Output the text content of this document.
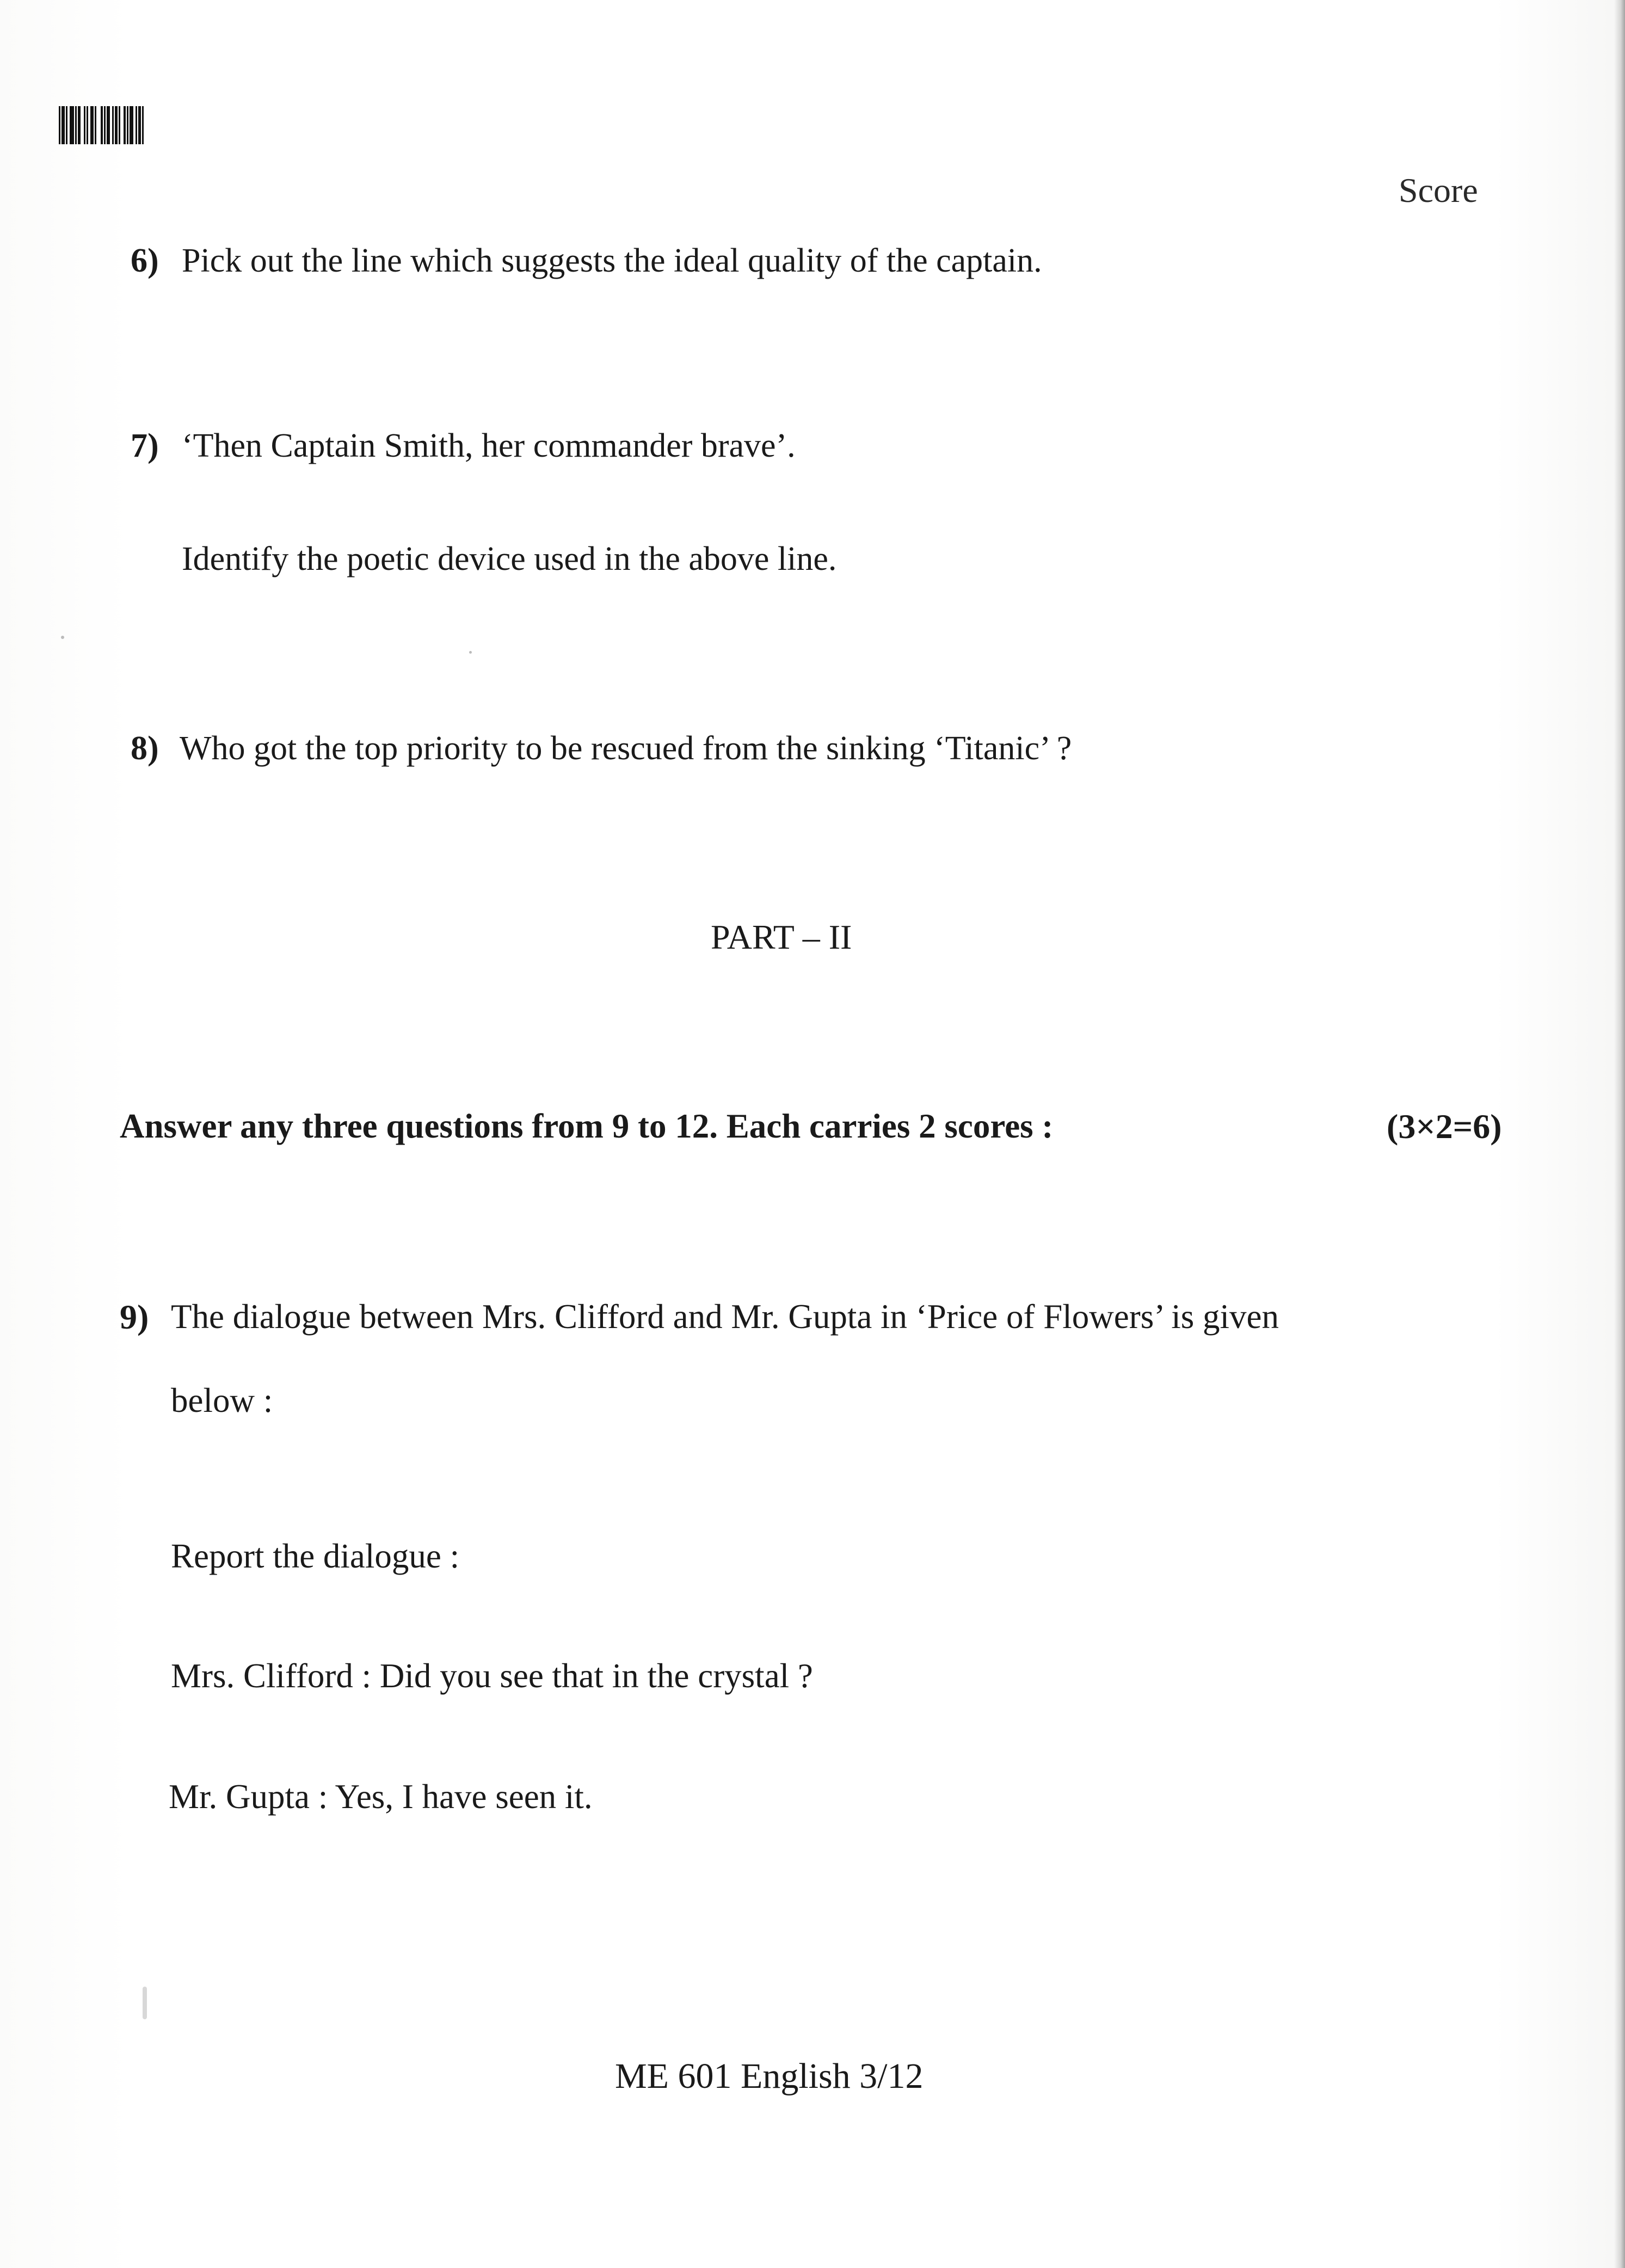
Score
6) Pick out the line which suggests the ideal quality of the captain.
7) ‘Then Captain Smith, her commander brave’.
Identify the poetic device used in the above line.
8) Who got the top priority to be rescued from the sinking ‘Titanic’ ?
PART – II
Answer any three questions from 9 to 12. Each carries 2 scores :	(3×2=6)
9) The dialogue between Mrs. Clifford and Mr. Gupta in ‘Price of Flowers’ is given
below :
Report the dialogue :
Mrs. Clifford : Did you see that in the crystal ?
Mr. Gupta : Yes, I have seen it.
ME 601 English 3/12
